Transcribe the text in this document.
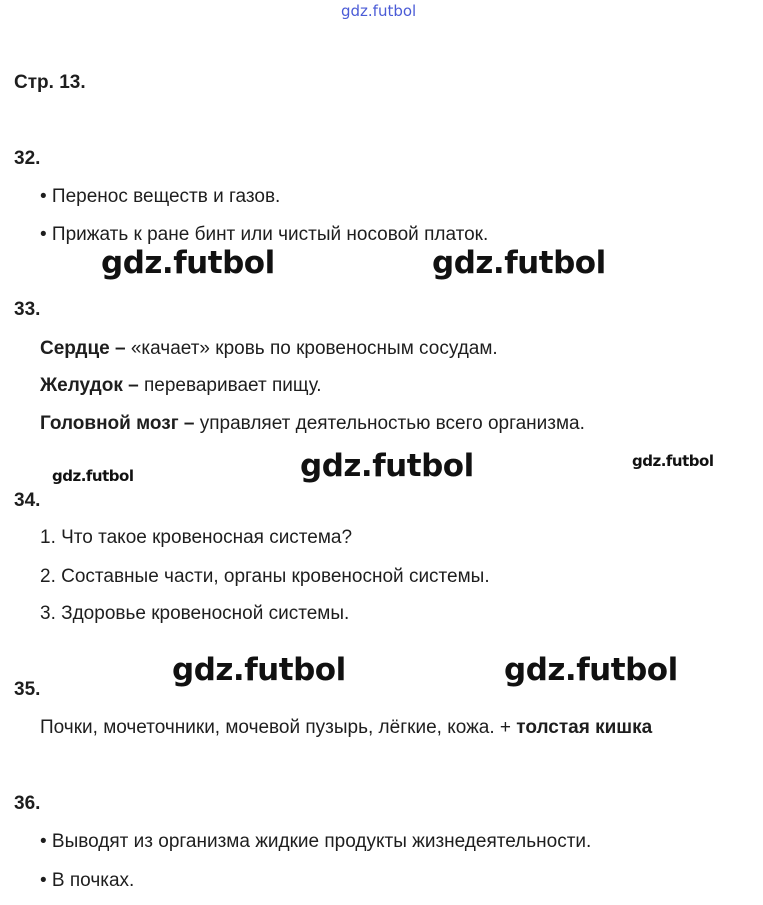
gdz.futbol
Стр. 13.
32.
• Перенос веществ и газов.
• Прижать к ране бинт или чистый носовой платок.
gdz.futbol	gdz.futbol
33.
Сердце – «качает» кровь по кровеносным сосудам.
Желудок – переваривает пищу.
Головной мозг – управляет деятельностью всего организма.
gdz.futbol	gdz.futbol	gdz.futbol
34.
1. Что такое кровеносная система?
2. Составные части, органы кровеносной системы.
3. Здоровье кровеносной системы.
gdz.futbol	gdz.futbol
35.
Почки, мочеточники, мочевой пузырь, лёгкие, кожа. + толстая кишка
36.
• Выводят из организма жидкие продукты жизнедеятельности.
• В почках.
